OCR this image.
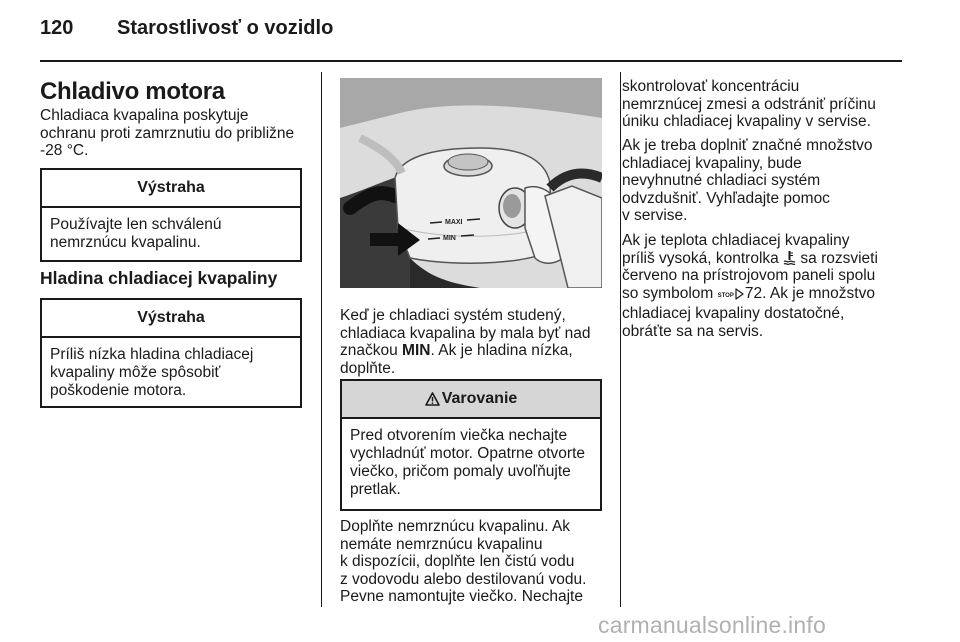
120 Starostlivosť o vozidlo
Chladivo motora

Chladiaca kvapalina poskytuje
ochranu proti zamrznutiu do približne
-28 °C.

Výstraha
Používajte len schválenú
nemrznúcu kvapalinu.
Hladina chladiacej kvapaliny
Výstraha
Príliš nízka hladina chladiacej
kvapaliny môže spôsobiť
poškodenie motora.
MAXI
MIN

Keď je chladiaci systém studený,
chladiaca kvapalina by mala byť nad
značkou MIN. Ak je hladina nízka,
doplňte.

Varovanie
Pred otvorením viečka nechajte
vychladnúť motor. Opatrne otvorte
viečko, pričom pomaly uvoľňujte
pretlak.

Doplňte nemrznúcu kvapalinu. Ak
nemáte nemrznúcu kvapalinu
k dispozícii, doplňte len čistú vodu
z vodovodu alebo destilovanú vodu.
Pevne namontujte viečko. Nechajte

skontrolovať koncentráciu
nemrznúcej zmesi a odstrániť príčinu
úniku chladiacej kvapaliny v servise.

Ak je treba doplniť značné množstvo
chladiacej kvapaliny, bude
nevyhnutné chladiaci systém
odvzdušniť. Vyhľadajte pomoc
v servise.

Ak je teplota chladiacej kvapaliny
príliš vysoká, kontrolka  sa rozsvieti
červeno na prístrojovom paneli spolu
so symbolom STOP 72. Ak je množstvo
chladiacej kvapaliny dostatočné,
obráťte sa na servis.

carmanualsonline.info
